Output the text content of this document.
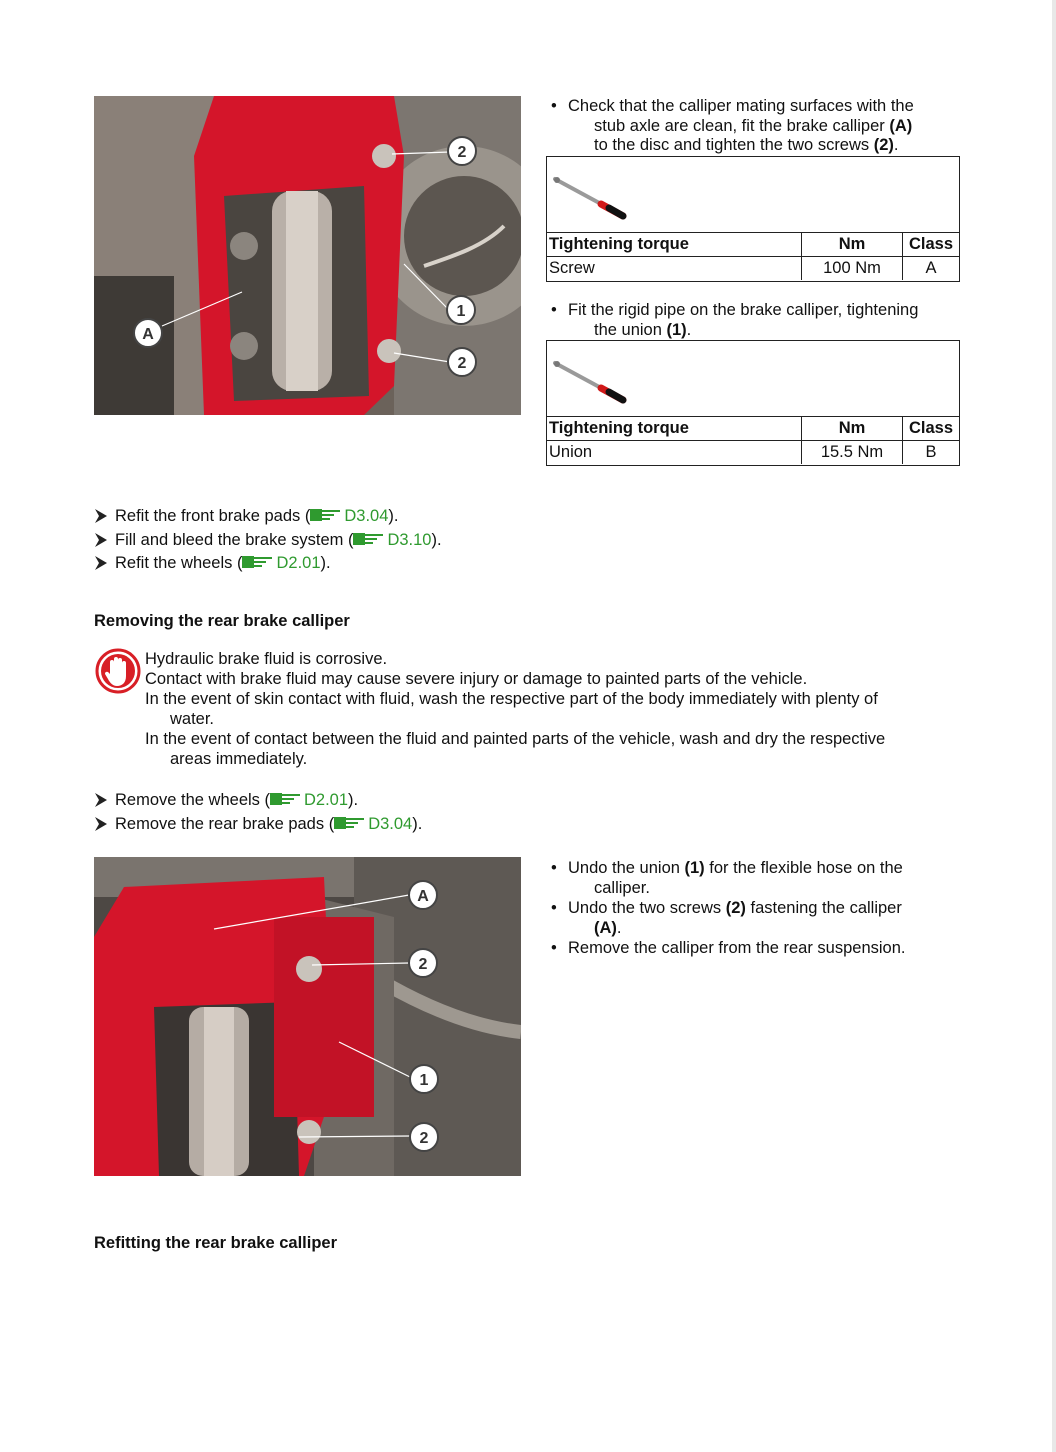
2
A
1
2
• Check that the calliper mating surfaces with the

stub axle are clean, fit the brake calliper (A)
to the disc and tighten the two screws (2).
Tightening torque	Nm	Class
Screw	100 Nm	A
• Fit the rigid pipe on the brake calliper, tightening

the union (1).
Tightening torque	Nm	Class
Union	15.5 Nm	B
Refit the front brake pads ( D3.04).
Fill and bleed the brake system ( D3.10).
Refit the wheels ( D2.01).
Removing the rear brake calliper

Hydraulic brake fluid is corrosive.

Contact with brake fluid may cause severe injury or damage to painted parts of the vehicle.

In the event of skin contact with fluid, wash the respective part of the body immediately with plenty of

water.

In the event of contact between the fluid and painted parts of the vehicle, wash and dry the respective

areas immediately.

Remove the wheels ( D2.01).
Remove the rear brake pads ( D3.04).
A
2
1
2
• Undo the union (1) for the flexible hose on the

calliper.
• Undo the two screws (2) fastening the calliper

(A).
• Remove the calliper from the rear suspension.
Refitting the rear brake calliper
